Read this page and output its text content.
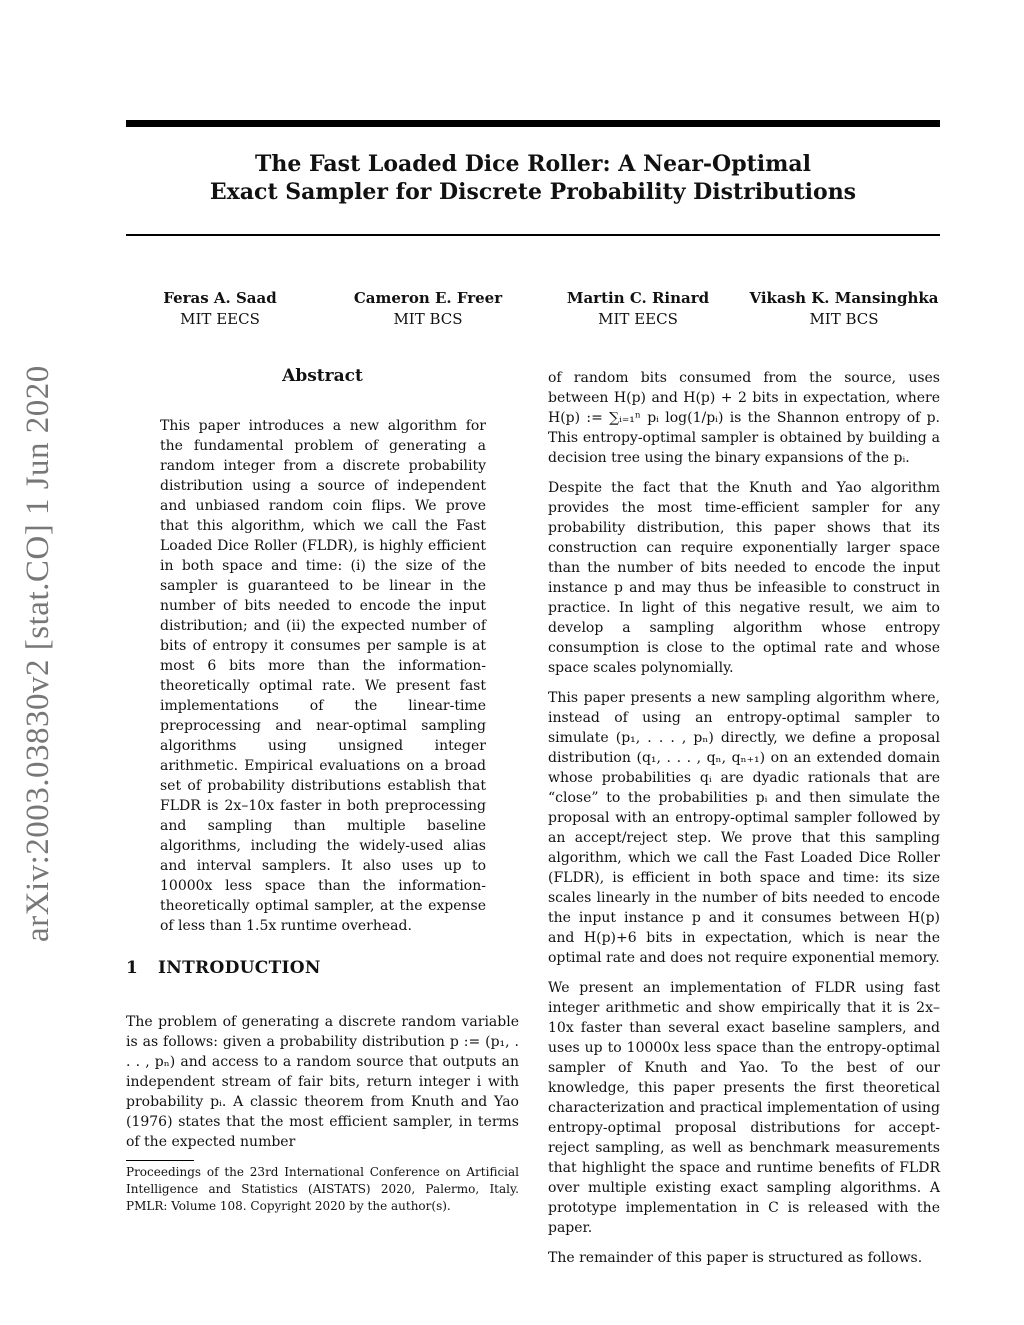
arXiv:2003.03830v2 [stat.CO] 1 Jun 2020
The Fast Loaded Dice Roller: A Near-Optimal
Exact Sampler for Discrete Probability Distributions
Feras A. Saad
MIT EECS
Cameron E. Freer
MIT BCS
Martin C. Rinard
MIT EECS
Vikash K. Mansinghka
MIT BCS
Abstract
This paper introduces a new algorithm for the fundamental problem of generating a random integer from a discrete probability distribution using a source of independent and unbiased random coin flips. We prove that this algorithm, which we call the Fast Loaded Dice Roller (FLDR), is highly efficient in both space and time: (i) the size of the sampler is guaranteed to be linear in the number of bits needed to encode the input distribution; and (ii) the expected number of bits of entropy it consumes per sample is at most 6 bits more than the information-theoretically optimal rate. We present fast implementations of the linear-time preprocessing and near-optimal sampling algorithms using unsigned integer arithmetic. Empirical evaluations on a broad set of probability distributions establish that FLDR is 2x–10x faster in both preprocessing and sampling than multiple baseline algorithms, including the widely-used alias and interval samplers. It also uses up to 10000x less space than the information-theoretically optimal sampler, at the expense of less than 1.5x runtime overhead.
1 INTRODUCTION
The problem of generating a discrete random variable is as follows: given a probability distribution p := (p₁, . . . , pₙ) and access to a random source that outputs an independent stream of fair bits, return integer i with probability pᵢ. A classic theorem from Knuth and Yao (1976) states that the most efficient sampler, in terms of the expected number
Proceedings of the 23rd International Conference on Artificial Intelligence and Statistics (AISTATS) 2020, Palermo, Italy. PMLR: Volume 108. Copyright 2020 by the author(s).

of random bits consumed from the source, uses between H(p) and H(p) + 2 bits in expectation, where H(p) := ∑ᵢ₌₁ⁿ pᵢ log(1/pᵢ) is the Shannon entropy of p. This entropy-optimal sampler is obtained by building a decision tree using the binary expansions of the pᵢ.

Despite the fact that the Knuth and Yao algorithm provides the most time-efficient sampler for any probability distribution, this paper shows that its construction can require exponentially larger space than the number of bits needed to encode the input instance p and may thus be infeasible to construct in practice. In light of this negative result, we aim to develop a sampling algorithm whose entropy consumption is close to the optimal rate and whose space scales polynomially.

This paper presents a new sampling algorithm where, instead of using an entropy-optimal sampler to simulate (p₁, . . . , pₙ) directly, we define a proposal distribution (q₁, . . . , qₙ, qₙ₊₁) on an extended domain whose probabilities qᵢ are dyadic rationals that are “close” to the probabilities pᵢ and then simulate the proposal with an entropy-optimal sampler followed by an accept/reject step. We prove that this sampling algorithm, which we call the Fast Loaded Dice Roller (FLDR), is efficient in both space and time: its size scales linearly in the number of bits needed to encode the input instance p and it consumes between H(p) and H(p)+6 bits in expectation, which is near the optimal rate and does not require exponential memory.

We present an implementation of FLDR using fast integer arithmetic and show empirically that it is 2x–10x faster than several exact baseline samplers, and uses up to 10000x less space than the entropy-optimal sampler of Knuth and Yao. To the best of our knowledge, this paper presents the first theoretical characterization and practical implementation of using entropy-optimal proposal distributions for accept-reject sampling, as well as benchmark measurements that highlight the space and runtime benefits of FLDR over multiple existing exact sampling algorithms. A prototype implementation in C is released with the paper.

The remainder of this paper is structured as follows.
